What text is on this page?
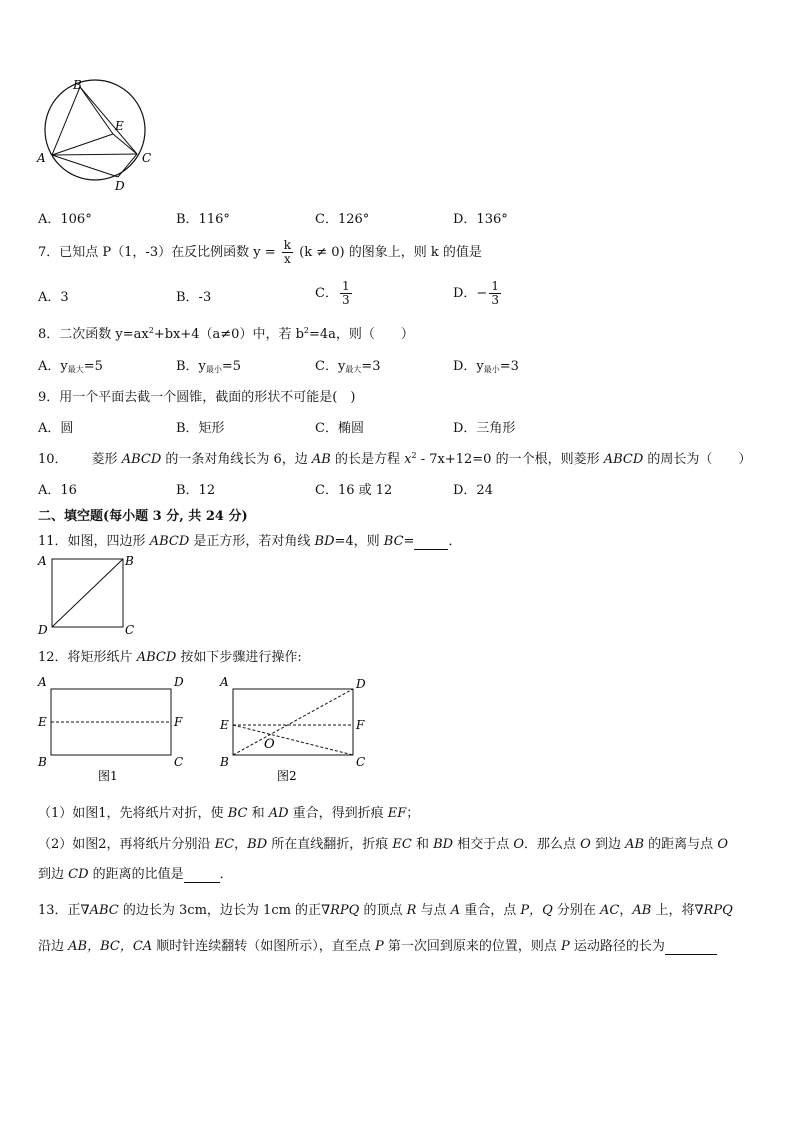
B
E
A	C
D
A．106°	B．116°	C．126°	D．136°
7．已知点 P（1，-3）在反比例函数 $y = \frac{k}{x} (k \ne 0)$ 的图象上，则 k 的值是
A．3	B．-3	C． $\frac{1}{3}$	D．− $\frac{1}{3}$
8．二次函数 $y=ax^2+bx+4(a\ne 0)$中，若 $b^2=4a$，则（　　）
A．$y_{最大}=5$	B．$y_{最小}=5$	C．$y_{最大}=3$	D．$y_{最小}=3$
9．用一个平面去截一个圆锥，截面的形状不可能是(　)
A．圆	B．矩形	C．椭圆	D．三角形
10． 菱形 ABCD 的一条对角线长为 6，边 AB 的长是方程 $x^2 - 7x+12=0$ 的一个根，则菱形 ABCD 的周长为（　　）
A．16	B．12	C．16 或 12	D．24
二、填空题(每小题 3 分, 共 24 分)
11．如图，四边形 ABCD 是正方形，若对角线 BD=4，则 BC=	．
A	B
D	C
12．将矩形纸片 ABCD 按如下步骤进行操作:
A	D
E	F
B	C
图1
A	D
E	F
O
B	C
图2
（1）如图1，先将纸片对折，使 BC 和 AD 重合，得到折痕 EF；
（2）如图2，再将纸片分别沿 EC，BD 所在直线翻折，折痕 EC 和 BD 相交于点 O．那么点 O 到边 AB 的距离与点 O
到边 CD 的距离的比值是	．
13．正∇ABC 的边长为 3cm，边长为 1cm 的正∇RPQ 的顶点 R 与点 A 重合，点 P，Q 分别在 AC，AB 上，将∇RPQ
沿边 AB，BC，CA 顺时针连续翻转（如图所示），直至点 P 第一次回到原来的位置，则点 P 运动路径的长为
